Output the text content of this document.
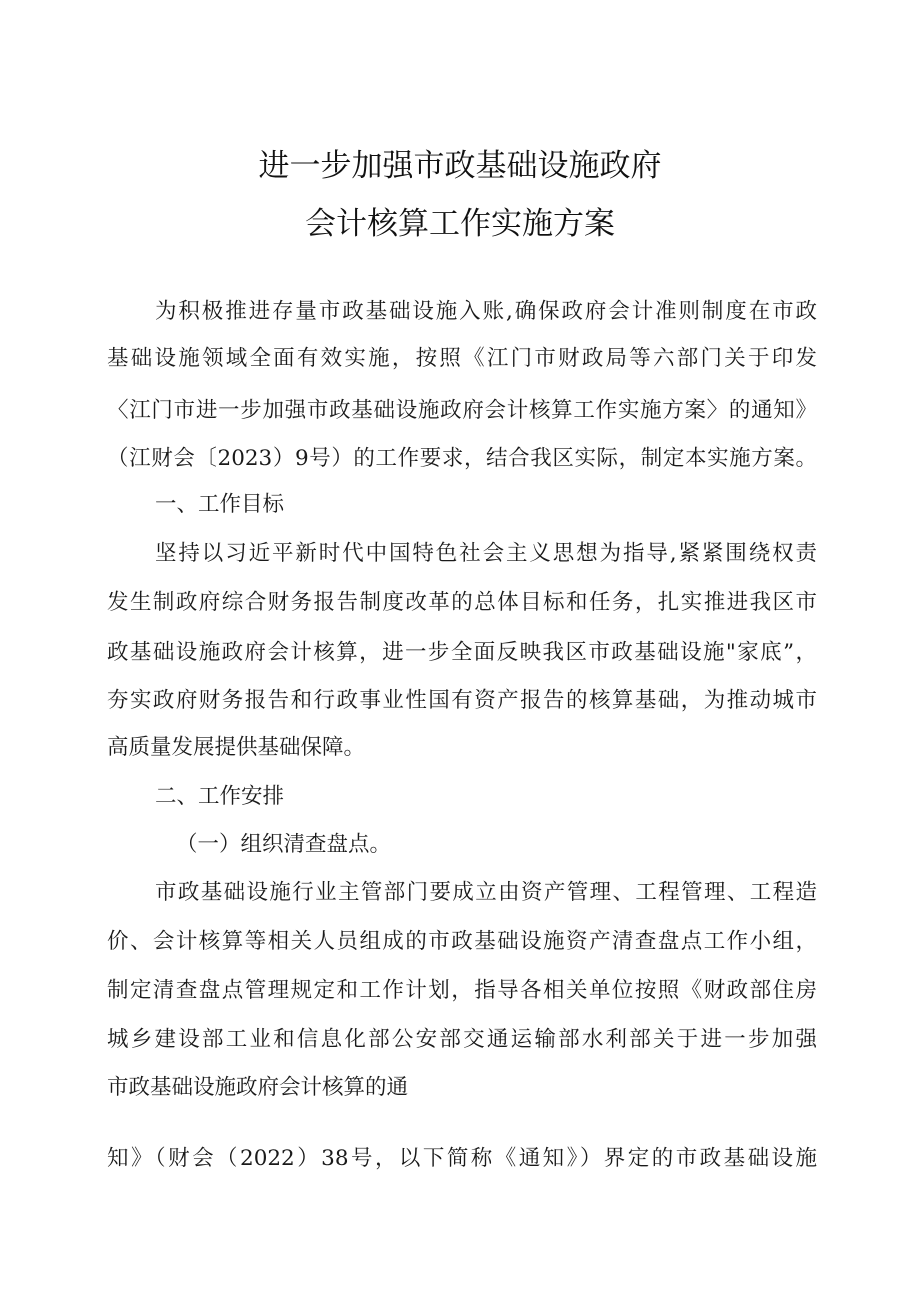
进一步加强市政基础设施政府
会计核算工作实施方案
为积极推进存量市政基础设施入账,确保政府会计准则制度在市政
基础设施领域全面有效实施，按照《江门市财政局等六部门关于印发
〈江门市进一步加强市政基础设施政府会计核算工作实施方案〉的通知》
（江财会〔2023）9号）的工作要求，结合我区实际，制定本实施方案。
一、工作目标
坚持以习近平新时代中国特色社会主义思想为指导,紧紧围绕权责
发生制政府综合财务报告制度改革的总体目标和任务，扎实推进我区市
政基础设施政府会计核算，进一步全面反映我区市政基础设施"家底”，
夯实政府财务报告和行政事业性国有资产报告的核算基础，为推动城市
高质量发展提供基础保障。
二、工作安排
（一）组织清查盘点。
市政基础设施行业主管部门要成立由资产管理、工程管理、工程造
价、会计核算等相关人员组成的市政基础设施资产清查盘点工作小组，
制定清查盘点管理规定和工作计划，指导各相关单位按照《财政部住房
城乡建设部工业和信息化部公安部交通运输部水利部关于进一步加强
市政基础设施政府会计核算的通
知》（财会（2022）38号，以下简称《通知》）界定的市政基础设施
